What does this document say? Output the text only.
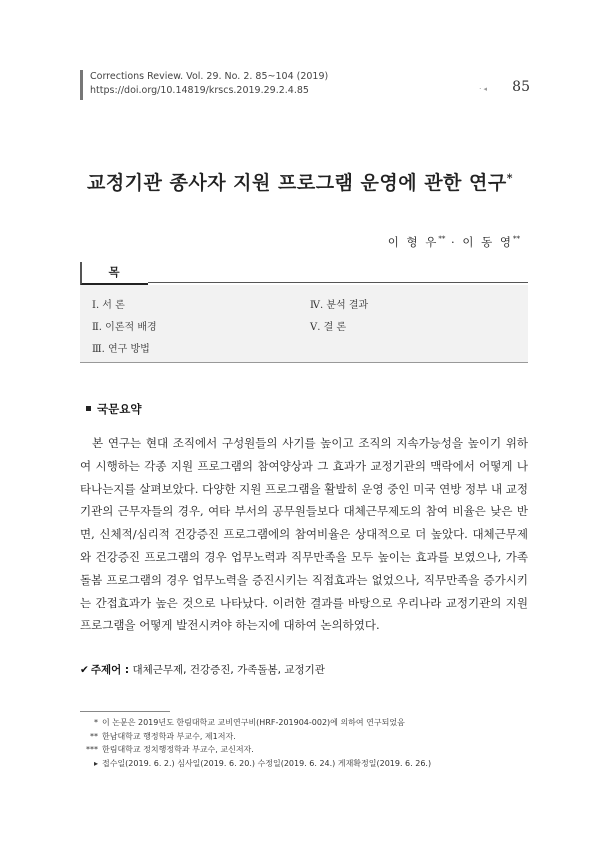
Corrections Review. Vol. 29. No. 2. 85~104 (2019)
https://doi.org/10.14819/krscs.2019.29.2.4.85	· ◂ 85
교정기관 종사자 지원 프로그램 운영에 관한 연구*
이 형 우** · 이 동 영**
목
Ⅰ. 서 론
Ⅱ. 이론적 배경
Ⅲ. 연구 방법
Ⅳ. 분석 결과
Ⅴ. 결 론
국문요약

본 연구는 현대 조직에서 구성원들의 사기를 높이고 조직의 지속가능성을 높이기 위하여 시행하는 각종 지원 프로그램의 참여양상과 그 효과가 교정기관의 맥락에서 어떻게 나타나는지를 살펴보았다. 다양한 지원 프로그램을 활발히 운영 중인 미국 연방 정부 내 교정기관의 근무자들의 경우, 여타 부서의 공무원들보다 대체근무제도의 참여 비율은 낮은 반면, 신체적/심리적 건강증진 프로그램에의 참여비율은 상대적으로 더 높았다. 대체근무제와 건강증진 프로그램의 경우 업무노력과 직무만족을 모두 높이는 효과를 보였으나, 가족돌봄 프로그램의 경우 업무노력을 증진시키는 직접효과는 없었으나, 직무만족을 증가시키는 간접효과가 높은 것으로 나타났다. 이러한 결과를 바탕으로 우리나라 교정기관의 지원 프로그램을 어떻게 발전시켜야 하는지에 대하여 논의하였다.

✔ 주제어 : 대체근무제, 건강증진, 가족돌봄, 교정기관
* 이 논문은 2019년도 한림대학교 교비연구비(HRF-201904-002)에 의하여 연구되었음
** 한남대학교 행정학과 부교수, 제1저자.
*** 한림대학교 정치행정학과 부교수, 교신저자.
▸ 접수일(2019. 6. 2.) 심사일(2019. 6. 20.) 수정일(2019. 6. 24.) 게재확정일(2019. 6. 26.)
